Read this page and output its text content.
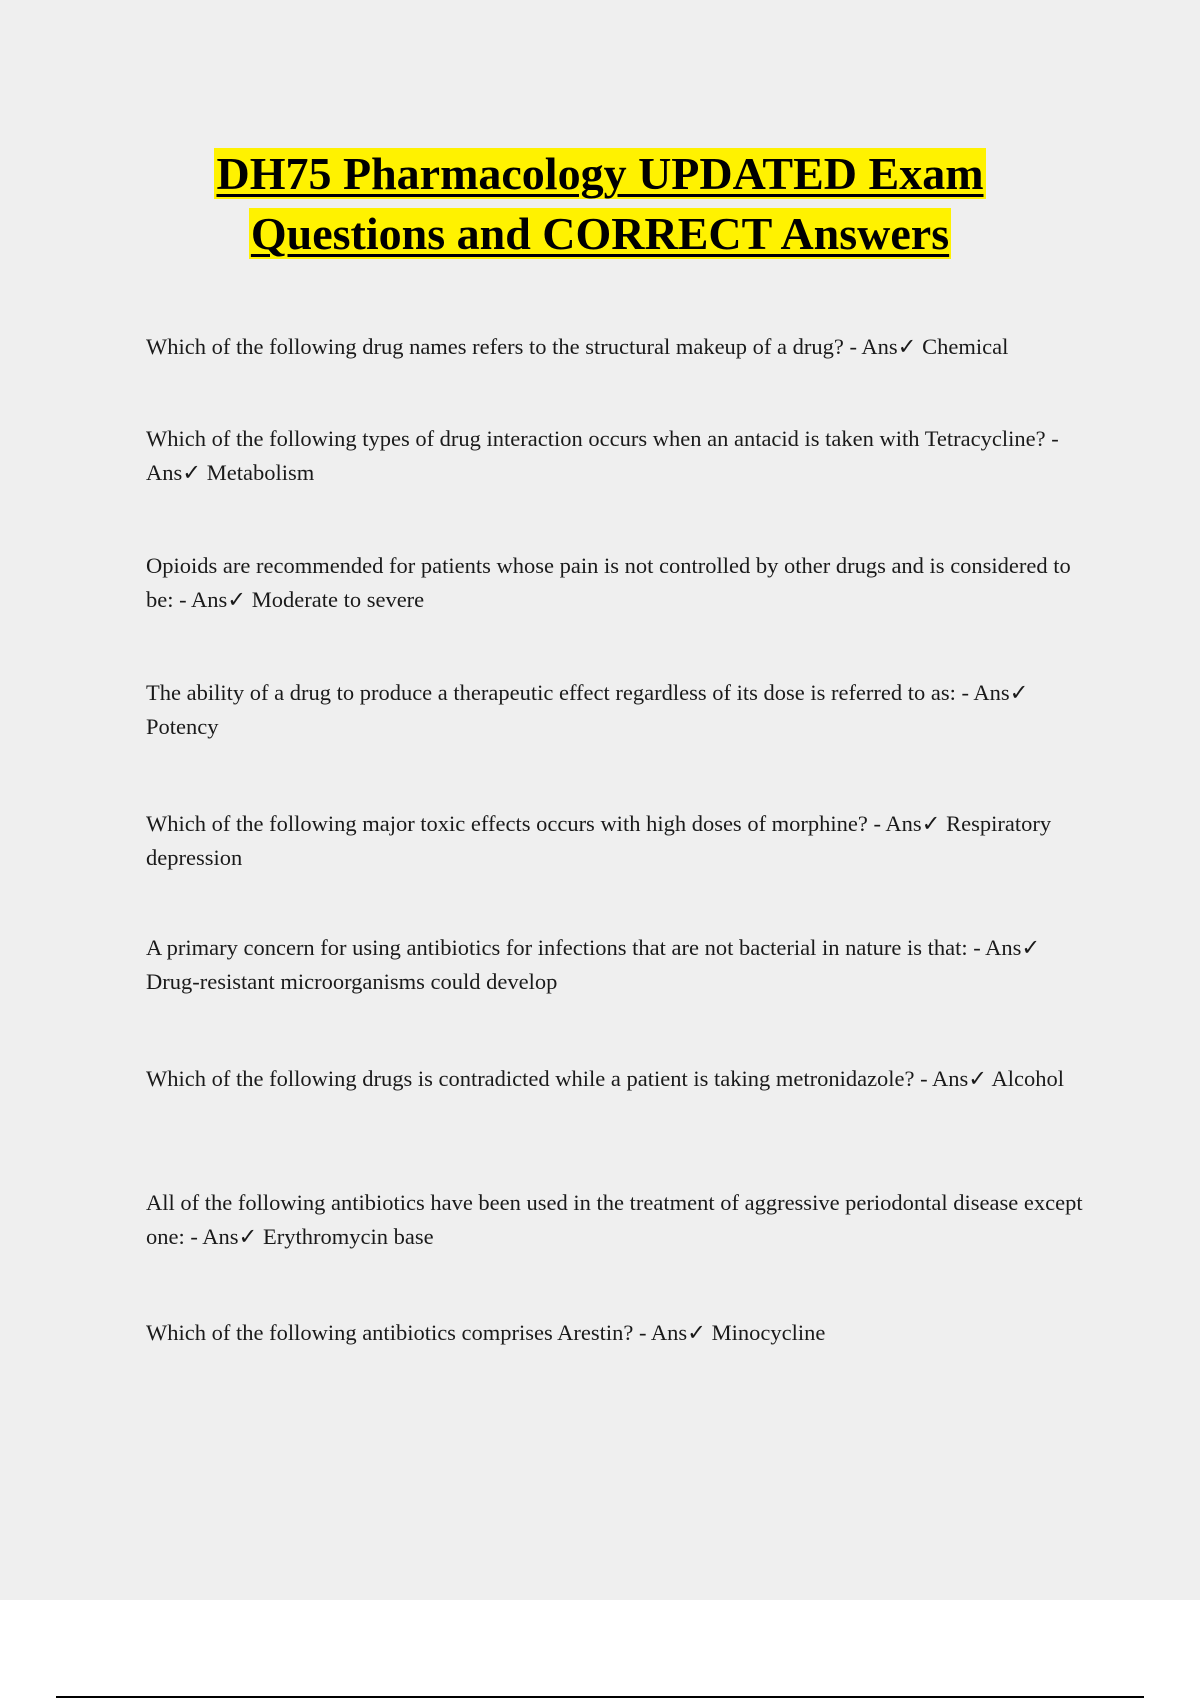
DH75 Pharmacology UPDATED Exam
Questions and CORRECT Answers

Which of the following drug names refers to the structural makeup of a drug? - Ans✓ Chemical

Which of the following types of drug interaction occurs when an antacid is taken with Tetracycline? - Ans✓ Metabolism

Opioids are recommended for patients whose pain is not controlled by other drugs and is considered to be: - Ans✓ Moderate to severe

The ability of a drug to produce a therapeutic effect regardless of its dose is referred to as: - Ans✓ Potency

Which of the following major toxic effects occurs with high doses of morphine? - Ans✓ Respiratory depression

A primary concern for using antibiotics for infections that are not bacterial in nature is that: - Ans✓ Drug-resistant microorganisms could develop

Which of the following drugs is contradicted while a patient is taking metronidazole? - Ans✓ Alcohol

All of the following antibiotics have been used in the treatment of aggressive periodontal disease except one: - Ans✓ Erythromycin base

Which of the following antibiotics comprises Arestin? - Ans✓ Minocycline
